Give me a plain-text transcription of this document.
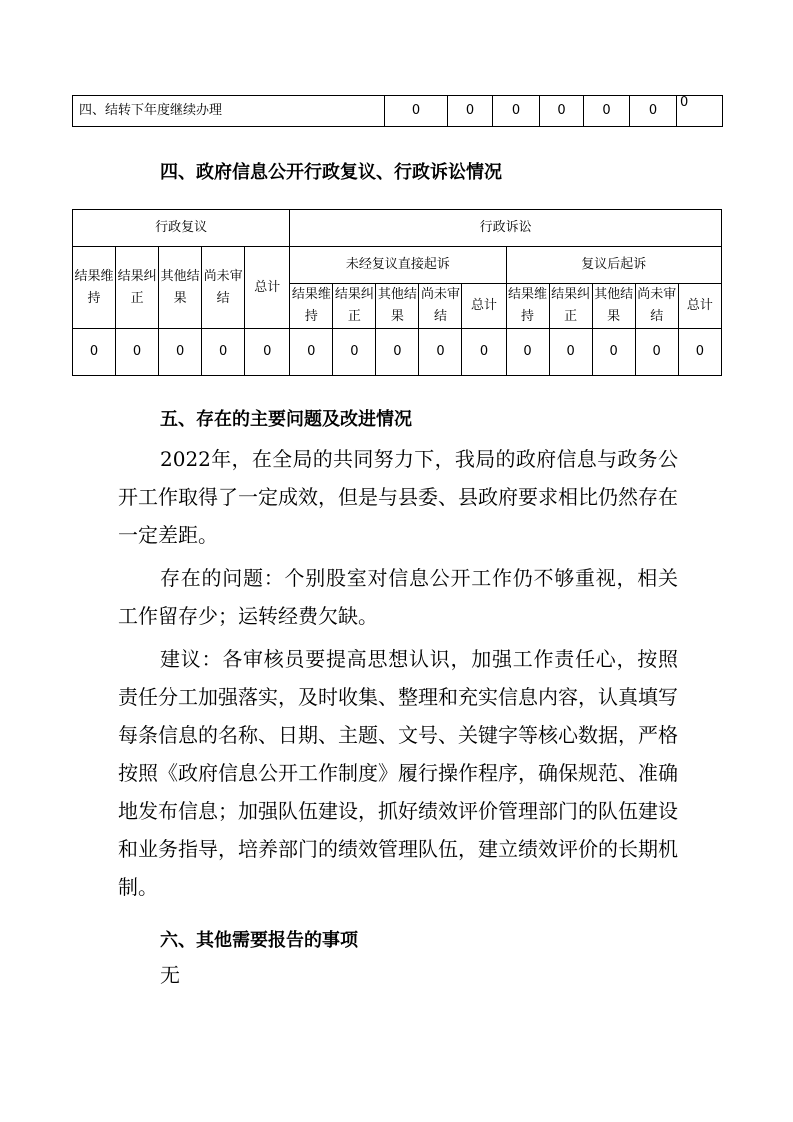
四、结转下年度继续办理	0	0	0	0	0	0	0
四、政府信息公开行政复议、行政诉讼情况
行政复议					行政诉讼									
结果维持	结果纠正	其他结果	尚未审结	总计	未经复议直接起诉					复议后起诉				
					结果维持	结果纠正	其他结果	尚未审结	总计	结果维持	结果纠正	其他结果	尚未审结	总计
0	0	0	0	0	0	0	0	0	0	0	0	0	0	0
五、存在的主要问题及改进情况

2022年，在全局的共同努力下，我局的政府信息与政务公开工作取得了一定成效，但是与县委、县政府要求相比仍然存在一定差距。

存在的问题：个别股室对信息公开工作仍不够重视，相关工作留存少；运转经费欠缺。

建议：各审核员要提高思想认识，加强工作责任心，按照责任分工加强落实，及时收集、整理和充实信息内容，认真填写每条信息的名称、日期、主题、文号、关键字等核心数据，严格按照《政府信息公开工作制度》履行操作程序，确保规范、准确地发布信息；加强队伍建设，抓好绩效评价管理部门的队伍建设和业务指导，培养部门的绩效管理队伍，建立绩效评价的长期机制。

六、其他需要报告的事项

无
